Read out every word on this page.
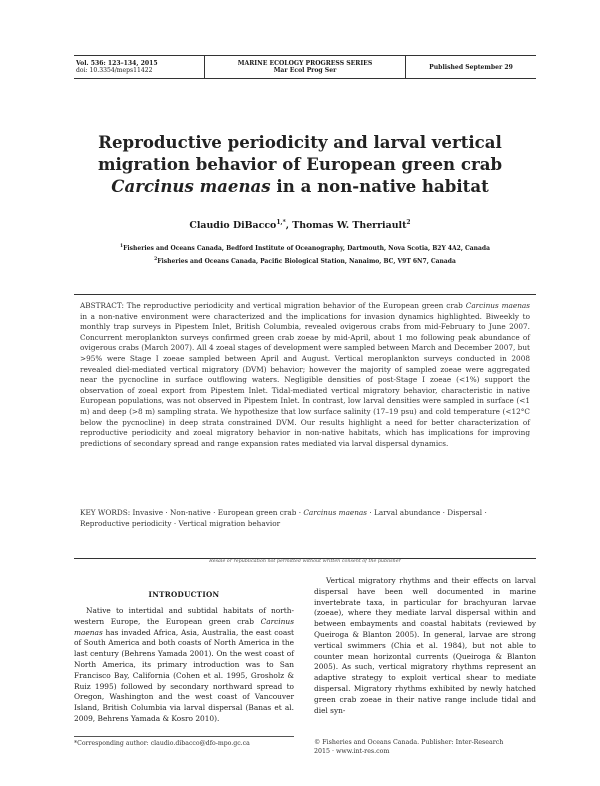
Vol. 536: 123–134, 2015
doi: 10.3354/meps11422
MARINE ECOLOGY PROGRESS SERIES
Mar Ecol Prog Ser	Published September 29
Reproductive periodicity and larval vertical
migration behavior of European green crab
Carcinus maenas in a non-native habitat
Claudio DiBacco$^{1,*}$, Thomas W. Therriault$^2$
$^1$Fisheries and Oceans Canada, Bedford Institute of Oceanography, Dartmouth, Nova Scotia, B2Y 4A2, Canada
$^2$Fisheries and Oceans Canada, Pacific Biological Station, Nanaimo, BC, V9T 6N7, Canada
ABSTRACT: The reproductive periodicity and vertical migration behavior of the European green crab Carcinus maenas in a non-native environment were characterized and the implications for invasion dynamics highlighted. Biweekly to monthly trap surveys in Pipestem Inlet, British Columbia, revealed ovigerous crabs from mid-February to June 2007. Concurrent meroplankton surveys confirmed green crab zoeae by mid-April, about 1 mo following peak abundance of ovigerous crabs (March 2007). All 4 zoeal stages of development were sampled between March and December 2007, but >95% were Stage I zoeae sampled between April and August. Vertical meroplankton surveys conducted in 2008 revealed diel-mediated vertical migratory (DVM) behavior; however the majority of sampled zoeae were aggregated near the pycnocline in surface outflowing waters. Negligible densities of post-Stage I zoeae (<1%) support the observation of zoeal export from Pipestem Inlet. Tidal-mediated vertical migratory behavior, characteristic in native European populations, was not observed in Pipestem Inlet. In contrast, low larval densities were sampled in surface (<1 m) and deep (>8 m) sampling strata. We hypothesize that low surface salinity (17–19 psu) and cold temperature (<12°C below the pycnocline) in deep strata constrained DVM. Our results highlight a need for better characterization of reproductive periodicity and zoeal migratory behavior in non-native habitats, which has implications for improving predictions of secondary spread and range expansion rates mediated via larval dispersal dynamics.
KEY WORDS: Invasive · Non-native · European green crab · Carcinus maenas · Larval abundance · Dispersal · Reproductive periodicity · Vertical migration behavior
Resale or republication not permitted without written consent of the publisher
INTRODUCTION

Native to intertidal and subtidal habitats of north-western Europe, the European green crab Carcinus maenas has invaded Africa, Asia, Australia, the east coast of South America and both coasts of North America in the last century (Behrens Yamada 2001). On the west coast of North America, its primary introduction was to San Francisco Bay, California (Cohen et al. 1995, Grosholz & Ruiz 1995) followed by secondary northward spread to Oregon, Washington and the west coast of Vancouver Island, British Columbia via larval dispersal (Banas et al. 2009, Behrens Yamada & Kosro 2010).

Vertical migratory rhythms and their effects on larval dispersal have been well documented in marine invertebrate taxa, in particular for brachyuran larvae (zoeae), where they mediate larval dispersal within and between embayments and coastal habitats (reviewed by Queiroga & Blanton 2005). In general, larvae are strong vertical swimmers (Chia et al. 1984), but not able to counter mean horizontal currents (Queiroga & Blanton 2005). As such, vertical migratory rhythms represent an adaptive strategy to exploit vertical shear to mediate dispersal. Migratory rhythms exhibited by newly hatched green crab zoeae in their native range include tidal and diel syn-

*Corresponding author: claudio.dibacco@dfo-mpo.gc.ca	© Fisheries and Oceans Canada. Publisher: Inter-Research
2015 · www.int-res.com
